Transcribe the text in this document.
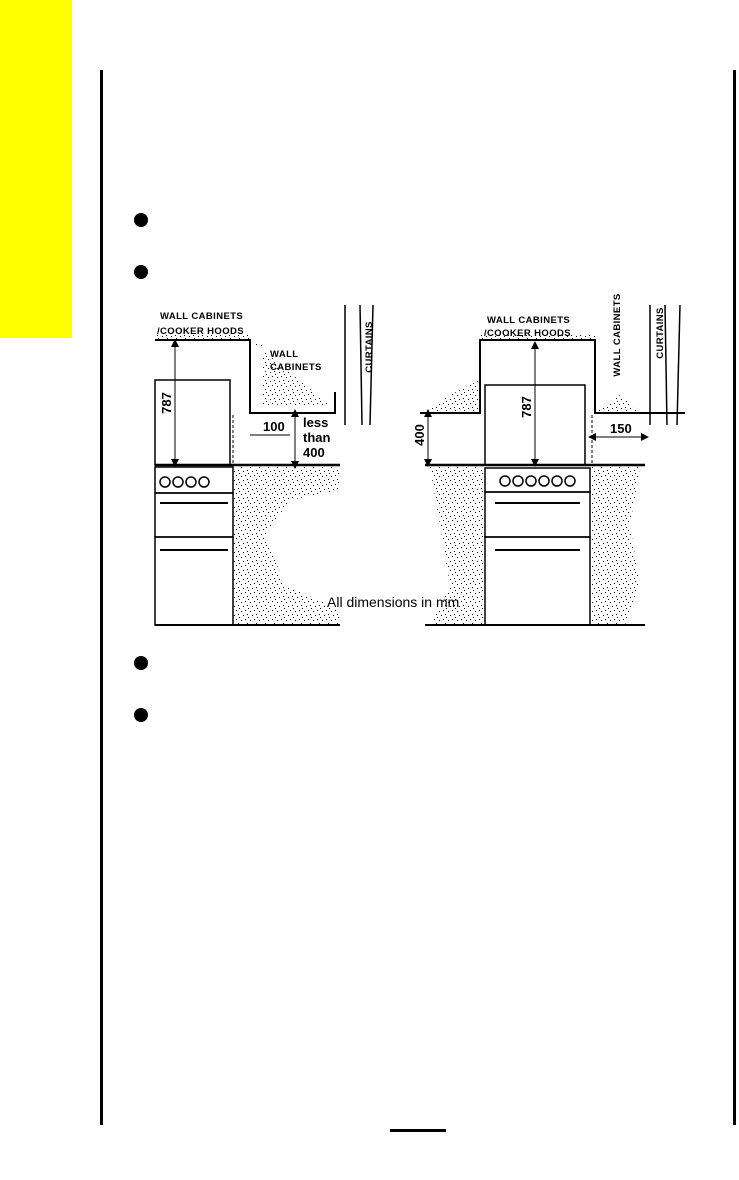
787
100 less
than
400
CURTAINS
WALL CABINETS
/COOKER HOODS
WALL
CABINETS
787
400	150
CURTAINS
WALL CABINETS
/COOKER HOODS	WALL CABINETS
All dimensions in mm
